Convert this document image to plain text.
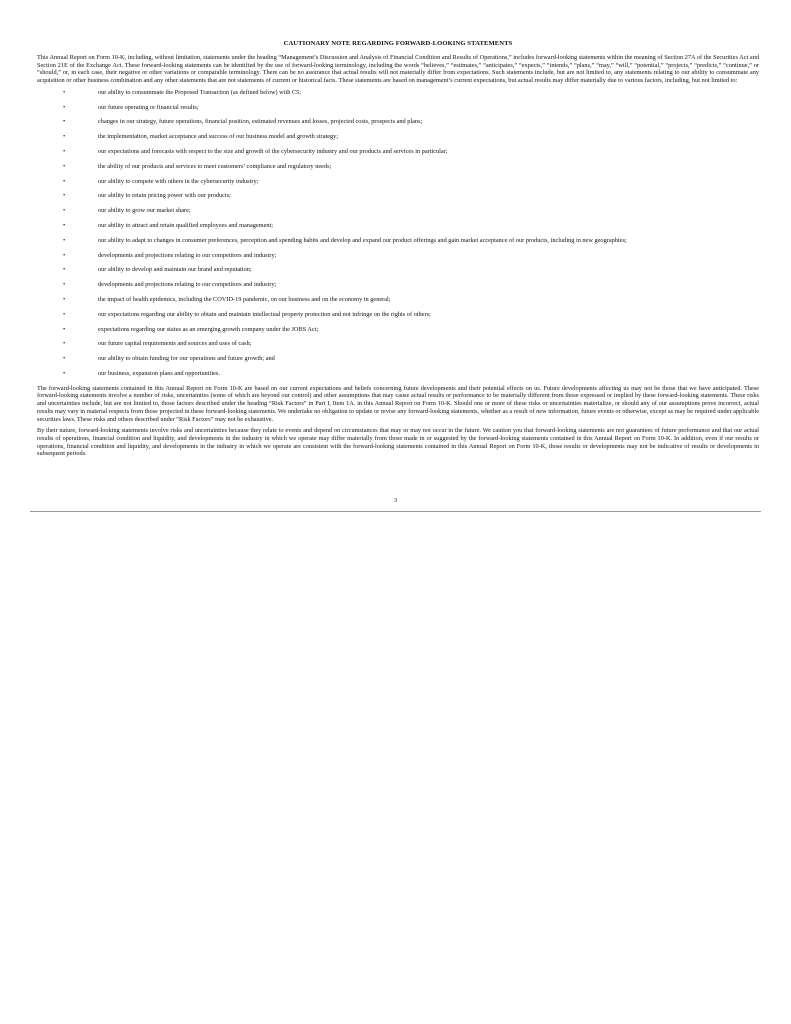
CAUTIONARY NOTE REGARDING FORWARD-LOOKING STATEMENTS

This Annual Report on Form 10-K, including, without limitation, statements under the heading “Management’s Discussion and Analysis of Financial Condition and Results of Operations,” includes forward-looking statements within the meaning of Section 27A of the Securities Act and Section 21E of the Exchange Act. These forward-looking statements can be identified by the use of forward-looking terminology, including the words “believes,” “estimates,” “anticipates,” “expects,” “intends,” “plans,” “may,” “will,” “potential,” “projects,” “predicts,” “continue,” or “should,” or, in each case, their negative or other variations or comparable terminology. There can be no assurance that actual results will not materially differ from expectations. Such statements include, but are not limited to, any statements relating to our ability to consummate any acquisition or other business combination and any other statements that are not statements of current or historical facts. These statements are based on management’s current expectations, but actual results may differ materially due to various factors, including, but not limited to:

•	our ability to consummate the Proposed Transaction (as defined below) with C5;
•	our future operating or financial results;
•	changes in our strategy, future operations, financial position, estimated revenues and losses, projected costs, prospects and plans;
•	the implementation, market acceptance and success of our business model and growth strategy;
•	our expectations and forecasts with respect to the size and growth of the cybersecurity industry and our products and services in particular;
•	the ability of our products and services to meet customers’ compliance and regulatory needs;
•	our ability to compete with others in the cybersecurity industry;
•	our ability to retain pricing power with our products;
•	our ability to grow our market share;
•	our ability to attract and retain qualified employees and management;
•	our ability to adapt to changes in consumer preferences, perception and spending habits and develop and expand our product offerings and gain market acceptance of our products, including in new geographies;
•	developments and projections relating to our competitors and industry;
•	our ability to develop and maintain our brand and reputation;
•	developments and projections relating to our competitors and industry;
•	the impact of health epidemics, including the COVID-19 pandemic, on our business and on the economy in general;
•	our expectations regarding our ability to obtain and maintain intellectual property protection and not infringe on the rights of others;
•	expectations regarding our status as an emerging growth company under the JOBS Act;
•	our future capital requirements and sources and uses of cash;
•	our ability to obtain funding for our operations and future growth; and
•	our business, expansion plans and opportunities.

The forward-looking statements contained in this Annual Report on Form 10-K are based on our current expectations and beliefs concerning future developments and their potential effects on us. Future developments affecting us may not be those that we have anticipated. These forward-looking statements involve a number of risks, uncertainties (some of which are beyond our control) and other assumptions that may cause actual results or performance to be materially different from those expressed or implied by these forward-looking statements. These risks and uncertainties include, but are not limited to, those factors described under the heading “Risk Factors” in Part I, Item 1A. in this Annual Report on Form 10-K. Should one or more of these risks or uncertainties materialize, or should any of our assumptions prove incorrect, actual results may vary in material respects from those projected in these forward-looking statements. We undertake no obligation to update or revise any forward-looking statements, whether as a result of new information, future events or otherwise, except as may be required under applicable securities laws. These risks and others described under “Risk Factors” may not be exhaustive.

By their nature, forward-looking statements involve risks and uncertainties because they relate to events and depend on circumstances that may or may not occur in the future. We caution you that forward-looking statements are not guarantees of future performance and that our actual results of operations, financial condition and liquidity, and developments in the industry in which we operate may differ materially from those made in or suggested by the forward-looking statements contained in this Annual Report on Form 10-K. In addition, even if our results or operations, financial condition and liquidity, and developments in the industry in which we operate are consistent with the forward-looking statements contained in this Annual Report on Form 10-K, those results or developments may not be indicative of results or developments in subsequent periods.

3
